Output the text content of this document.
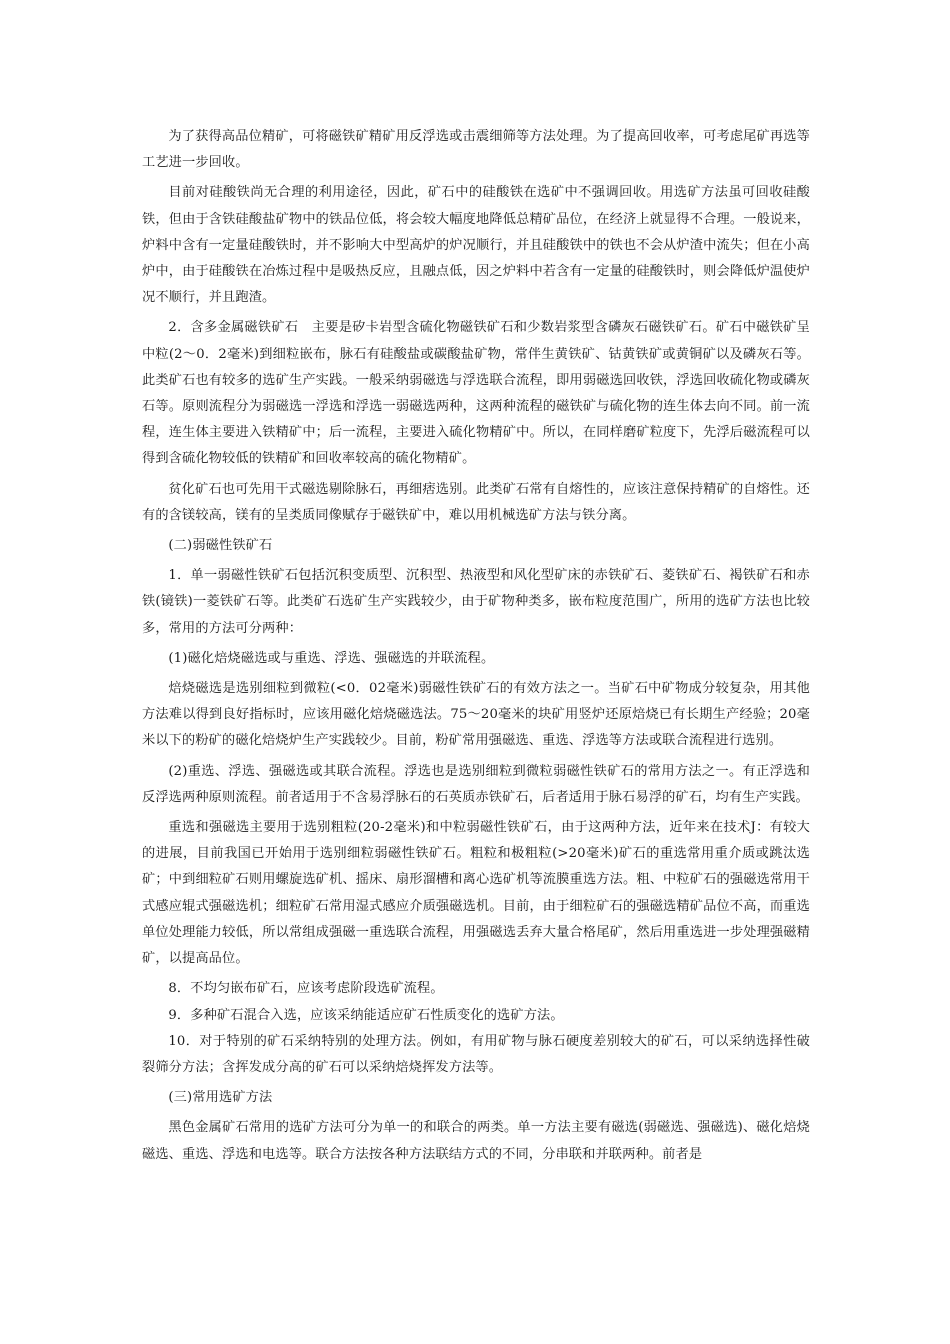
为了获得高品位精矿，可将磁铁矿精矿用反浮选或击震细筛等方法处理。为了提高回收率，可考虑尾矿再选等工艺进一步回收。

目前对硅酸铁尚无合理的利用途径，因此，矿石中的硅酸铁在选矿中不强调回收。用选矿方法虽可回收硅酸铁，但由于含铁硅酸盐矿物中的铁品位低，将会较大幅度地降低总精矿品位，在经济上就显得不合理。一般说来，炉料中含有一定量硅酸铁时，并不影响大中型高炉的炉况顺行，并且硅酸铁中的铁也不会从炉渣中流失；但在小高炉中，由于硅酸铁在冶炼过程中是吸热反应，且融点低，因之炉料中若含有一定量的硅酸铁时，则会降低炉温使炉况不顺行，并且跑渣。

2．含多金属磁铁矿石　主要是矽卡岩型含硫化物磁铁矿石和少数岩浆型含磷灰石磁铁矿石。矿石中磁铁矿呈中粒(2～0．2毫米)到细粒嵌布，脉石有硅酸盐或碳酸盐矿物，常伴生黄铁矿、钴黄铁矿或黄铜矿以及磷灰石等。此类矿石也有较多的选矿生产实践。一般采纳弱磁选与浮选联合流程，即用弱磁选回收铁，浮选回收硫化物或磷灰石等。原则流程分为弱磁选一浮选和浮选一弱磁选两种，这两种流程的磁铁矿与硫化物的连生体去向不同。前一流程，连生体主要进入铁精矿中；后一流程，主要进入硫化物精矿中。所以，在同样磨矿粒度下，先浮后磁流程可以得到含硫化物较低的铁精矿和回收率较高的硫化物精矿。

贫化矿石也可先用干式磁选剔除脉石，再细痞选别。此类矿石常有自熔性的，应该注意保持精矿的自熔性。还有的含镁较高，镁有的呈类质同像赋存于磁铁矿中，难以用机械选矿方法与铁分离。

(二)弱磁性铁矿石

1．单一弱磁性铁矿石包括沉积变质型、沉积型、热液型和风化型矿床的赤铁矿石、菱铁矿石、褐铁矿石和赤铁(镜铁)一菱铁矿石等。此类矿石选矿生产实践较少，由于矿物种类多，嵌布粒度范围广，所用的选矿方法也比较多，常用的方法可分两种：

(1)磁化焙烧磁选或与重选、浮选、强磁选的并联流程。

焙烧磁选是选别细粒到微粒(<0．02毫米)弱磁性铁矿石的有效方法之一。当矿石中矿物成分较复杂，用其他方法难以得到良好指标时，应该用磁化焙烧磁选法。75～20毫米的块矿用竖炉还原焙烧已有长期生产经验；20毫米以下的粉矿的磁化焙烧炉生产实践较少。目前，粉矿常用强磁选、重选、浮选等方法或联合流程进行选别。

(2)重选、浮选、强磁选或其联合流程。浮选也是选别细粒到微粒弱磁性铁矿石的常用方法之一。有正浮选和反浮选两种原则流程。前者适用于不含易浮脉石的石英质赤铁矿石，后者适用于脉石易浮的矿石，均有生产实践。

重选和强磁选主要用于选别粗粒(20-2毫米)和中粒弱磁性铁矿石，由于这两种方法，近年来在技术J：有较大的进展，目前我国已开始用于选别细粒弱磁性铁矿石。粗粒和极粗粒(>20毫米)矿石的重选常用重介质或跳汰选矿；中到细粒矿石则用螺旋选矿机、摇床、扇形溜槽和离心选矿机等流膜重选方法。粗、中粒矿石的强磁选常用干式感应辊式强磁选机；细粒矿石常用湿式感应介质强磁选机。目前，由于细粒矿石的强磁选精矿品位不高，而重选单位处理能力较低，所以常组成强磁一重选联合流程，用强磁选丢弃大量合格尾矿，然后用重选进一步处理强磁精矿，以提高品位。

8．不均匀嵌布矿石，应该考虑阶段选矿流程。

9．多种矿石混合入选，应该采纳能适应矿石性质变化的选矿方法。

10．对于特别的矿石采纳特别的处理方法。例如，有用矿物与脉石硬度差别较大的矿石，可以采纳选择性破裂筛分方法；含挥发成分高的矿石可以采纳焙烧挥发方法等。

(三)常用选矿方法

黑色金属矿石常用的选矿方法可分为单一的和联合的两类。单一方法主要有磁选(弱磁选、强磁选)、磁化焙烧磁选、重选、浮选和电选等。联合方法按各种方法联结方式的不同，分串联和并联两种。前者是
